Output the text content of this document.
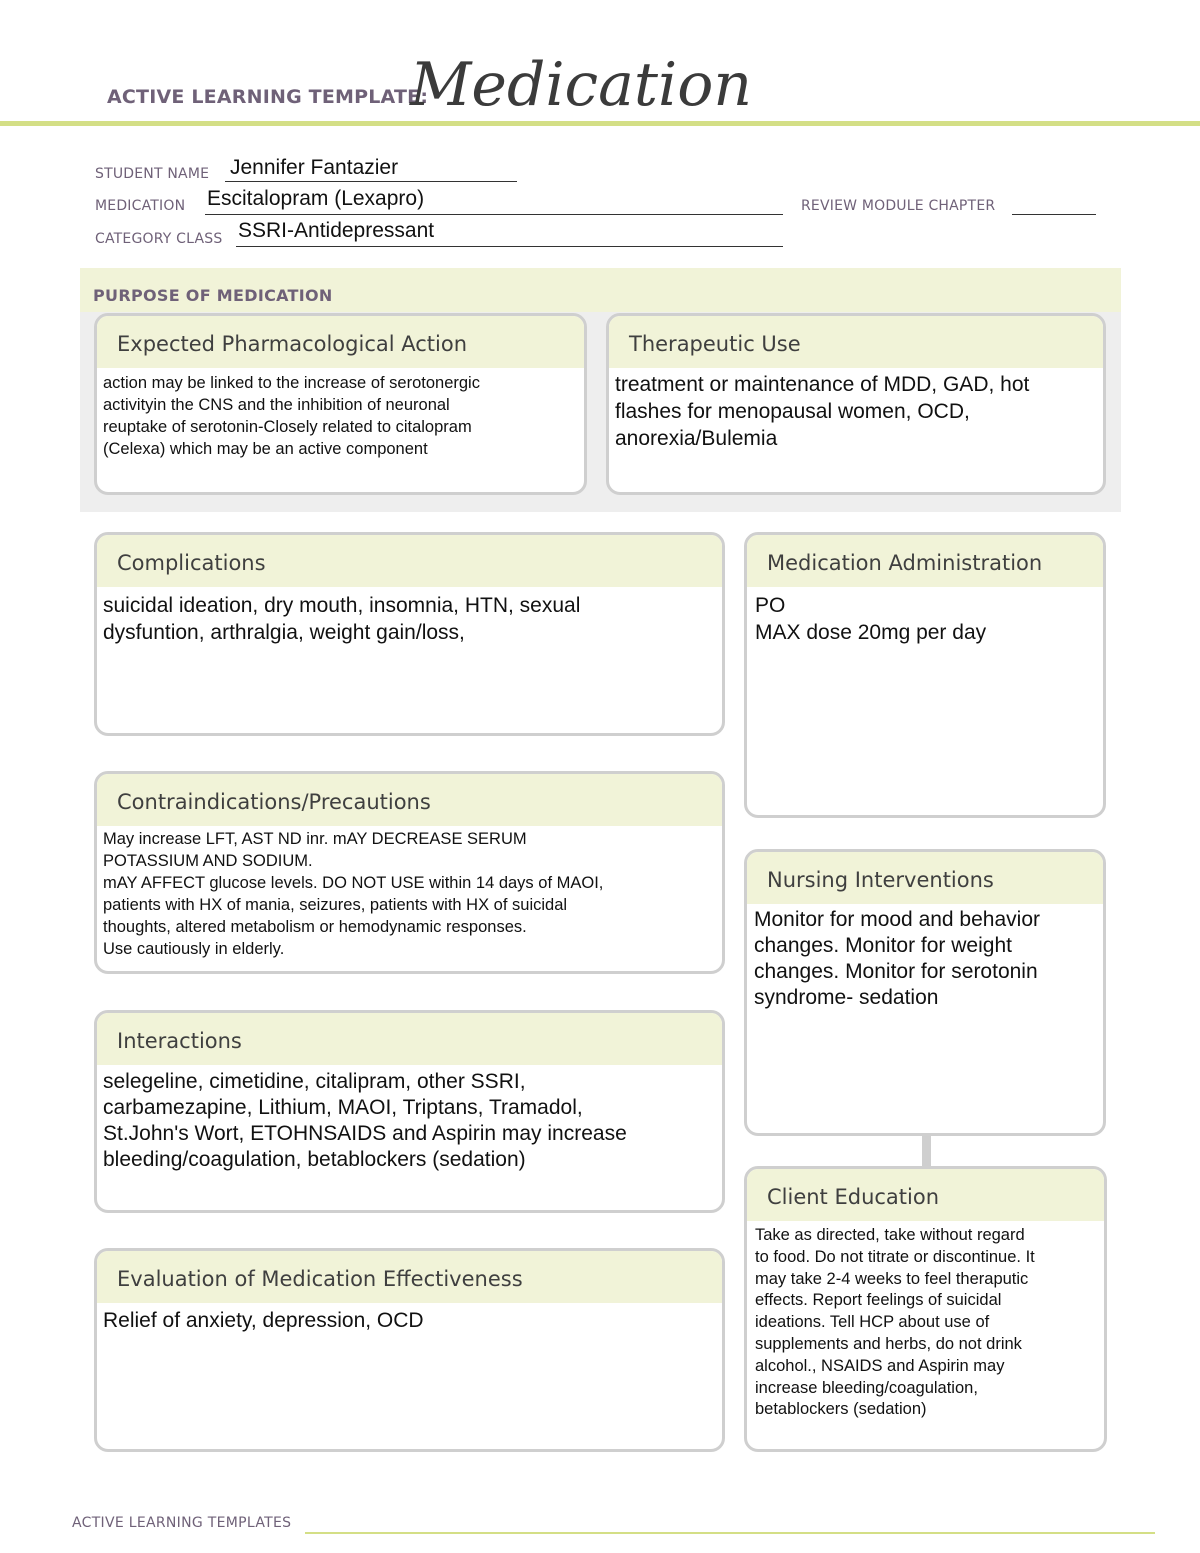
ACTIVE LEARNING TEMPLATE:
Medication
STUDENT NAME Jennifer Fantazier
MEDICATION Escitalopram (Lexapro)	REVIEW MODULE CHAPTER
CATEGORY CLASS SSRI-Antidepressant
PURPOSE OF MEDICATION
Expected Pharmacological Action
action may be linked to the increase of serotonergic
activityin the CNS and the inhibition of neuronal
reuptake of serotonin-Closely related to citalopram
(Celexa) which may be an active component
Therapeutic Use
treatment or maintenance of MDD, GAD, hot
flashes for menopausal women, OCD,
anorexia/Bulemia
Complications
suicidal ideation, dry mouth, insomnia, HTN, sexual
dysfuntion, arthralgia, weight gain/loss,
Medication Administration
PO
MAX dose 20mg per day
Contraindications/Precautions
May increase LFT, AST ND inr. mAY DECREASE SERUM
POTASSIUM AND SODIUM.
mAY AFFECT glucose levels. DO NOT USE within 14 days of MAOI,
patients with HX of mania, seizures, patients with HX of suicidal
thoughts, altered metabolism or hemodynamic responses.
Use cautiously in elderly.
Nursing Interventions
Monitor for mood and behavior
changes. Monitor for weight
changes. Monitor for serotonin
syndrome- sedation
Interactions
selegeline, cimetidine, citalipram, other SSRI,
carbamezapine, Lithium, MAOI, Triptans, Tramadol,
St.John's Wort, ETOHNSAIDS and Aspirin may increase
bleeding/coagulation, betablockers (sedation)
Client Education
Take as directed, take without regard
to food. Do not titrate or discontinue. It
may take 2-4 weeks to feel theraputic
effects. Report feelings of suicidal
ideations. Tell HCP about use of
supplements and herbs, do not drink
alcohol., NSAIDS and Aspirin may
increase bleeding/coagulation,
betablockers (sedation)
Evaluation of Medication Effectiveness
Relief of anxiety, depression, OCD
ACTIVE LEARNING TEMPLATES
